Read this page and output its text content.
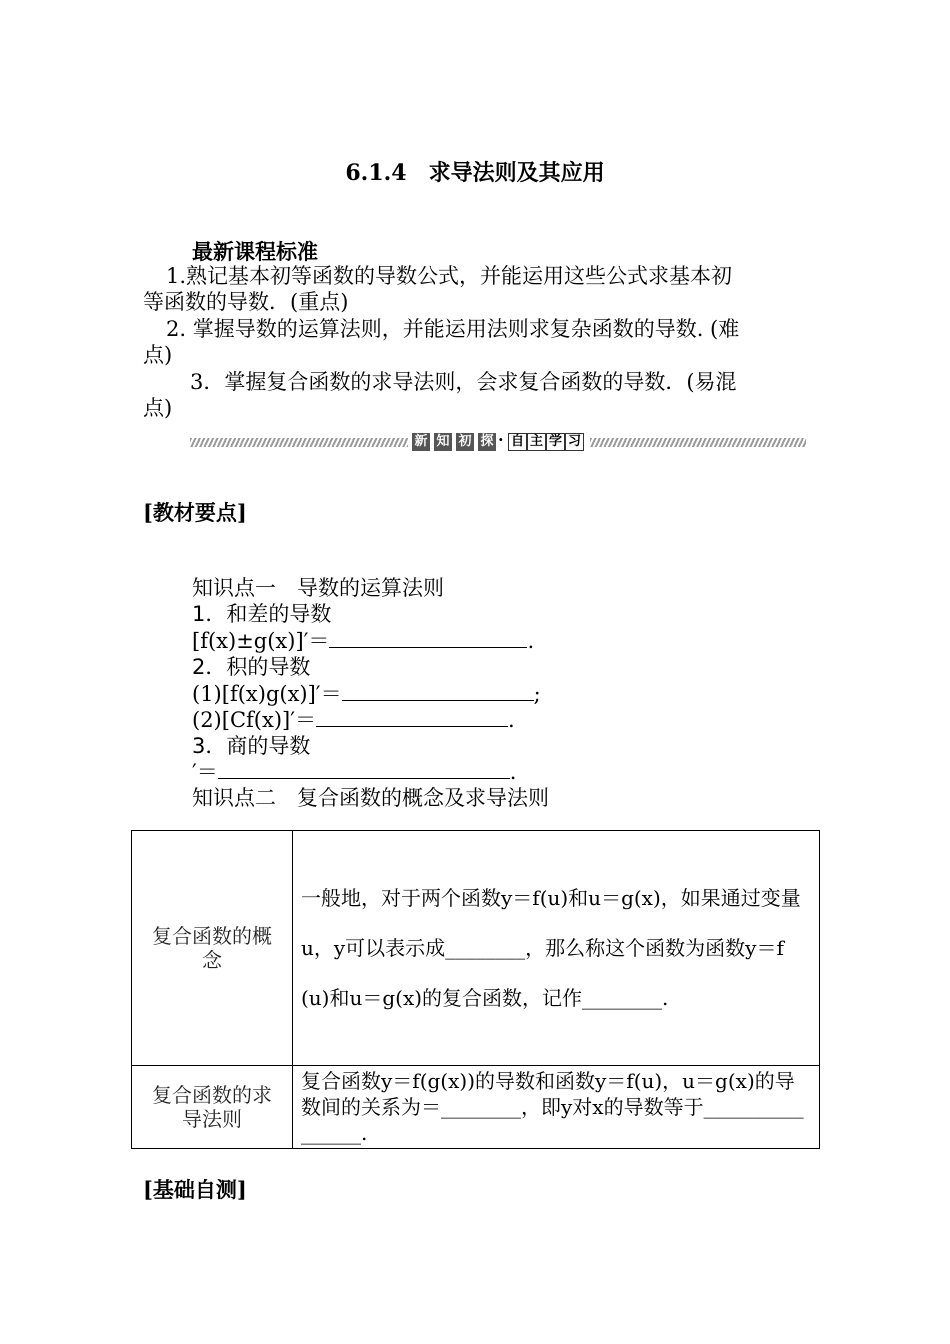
6.1.4　求导法则及其应用
最新课程标准
1.熟记基本初等函数的导数公式，并能运用这些公式求基本初
等函数的导数．(重点)
2. 掌握导数的运算法则，并能运用法则求复杂函数的导数. (难
点)
3．掌握复合函数的求导法则，会求复合函数的导数．(易混
点)
新 知 初 探 · 自 主 学 习
[教材要点]
知识点一　导数的运算法则
1．和差的导数
[f(x)±g(x)]′＝	.
2．积的导数
(1)[f(x)g(x)]′＝	;
(2)[Cf(x)]′＝	.
3．商的导数
′＝	.
知识点二　复合函数的概念及求导法则
复合函数的概念	一般地，对于两个函数y＝f(u)和u＝g(x)，如果通过变量u，y可以表示成________，那么称这个函数为函数y＝f(u)和u＝g(x)的复合函数，记作________.

复合函数的求导法则	复合函数y＝f(g(x))的导数和函数y＝f(u)，u＝g(x)的导数间的关系为＝________，即y对x的导数等于________________.
[基础自测]
